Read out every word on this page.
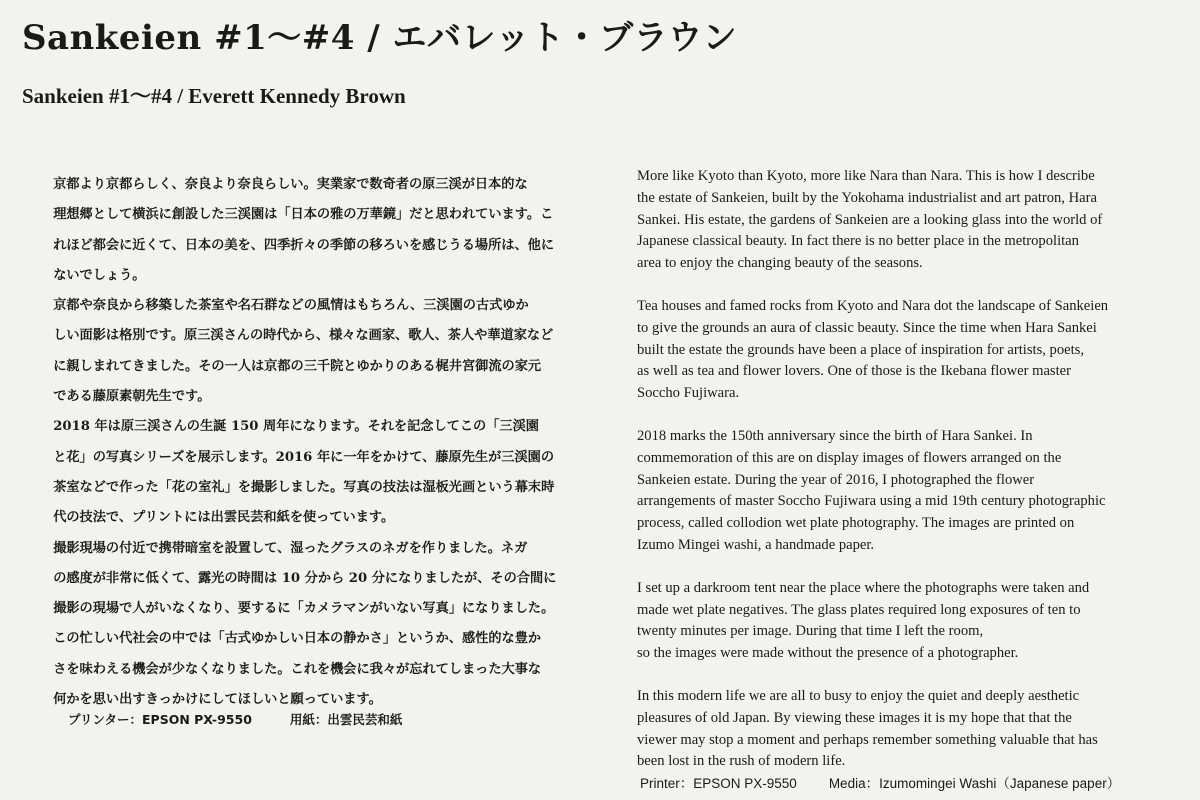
Sankeien #1〜#4 / エバレット・ブラウン
Sankeien #1〜#4 / Everett Kennedy Brown

京都より京都らしく、奈良より奈良らしい。実業家で数奇者の原三渓が日本的な
理想郷として横浜に創設した三渓園は「日本の雅の万華鏡」だと思われています。こ
れほど都会に近くて、日本の美を、四季折々の季節の移ろいを感じうる場所は、他に
ないでしょう。

京都や奈良から移築した茶室や名石群などの風情はもちろん、三渓園の古式ゆか
しい面影は格別です。原三渓さんの時代から、様々な画家、歌人、茶人や華道家など
に親しまれてきました。その一人は京都の三千院とゆかりのある梶井宮御流の家元
である藤原素朝先生です。

2018 年は原三渓さんの生誕 150 周年になります。それを記念してこの「三渓園
と花」の写真シリーズを展示します。2016 年に一年をかけて、藤原先生が三渓園の
茶室などで作った「花の室礼」を撮影しました。写真の技法は湿板光画という幕末時
代の技法で、プリントには出雲民芸和紙を使っています。

撮影現場の付近で携帯暗室を設置して、湿ったグラスのネガを作りました。ネガ
の感度が非常に低くて、露光の時間は 10 分から 20 分になりましたが、その合間に
撮影の現場で人がいなくなり、要するに「カメラマンがいない写真」になりました。

この忙しい代社会の中では「古式ゆかしい日本の静かさ」というか、感性的な豊か
さを味わえる機会が少なくなりました。これを機会に我々が忘れてしまった大事な
何かを思い出すきっかけにしてほしいと願っています。

More like Kyoto than Kyoto, more like Nara than Nara. This is how I describe
the estate of Sankeien, built by the Yokohama industrialist and art patron, Hara
Sankei. His estate, the gardens of Sankeien are a looking glass into the world of
Japanese classical beauty. In fact there is no better place in the metropolitan
area to enjoy the changing beauty of the seasons.

Tea houses and famed rocks from Kyoto and Nara dot the landscape of Sankeien
to give the grounds an aura of classic beauty. Since the time when Hara Sankei
built the estate the grounds have been a place of inspiration for artists, poets,
as well as tea and flower lovers. One of those is the Ikebana flower master
Soccho Fujiwara.

2018 marks the 150th anniversary since the birth of Hara Sankei. In
commemoration of this are on display images of flowers arranged on the
Sankeien estate. During the year of 2016, I photographed the flower
arrangements of master Soccho Fujiwara using a mid 19th century photographic
process, called collodion wet plate photography. The images are printed on
Izumo Mingei washi, a handmade paper.

I set up a darkroom tent near the place where the photographs were taken and
made wet plate negatives. The glass plates required long exposures of ten to
twenty minutes per image. During that time I left the room,
so the images were made without the presence of a photographer.

In this modern life we are all to busy to enjoy the quiet and deeply aesthetic
pleasures of old Japan. By viewing these images it is my hope that that the
viewer may stop a moment and perhaps remember something valuable that has
been lost in the rush of modern life.

プリンター：EPSON PX-9550	用紙：出雲民芸和紙
Printer：EPSON PX-9550 Media：Izumomingei Washi（Japanese paper）
